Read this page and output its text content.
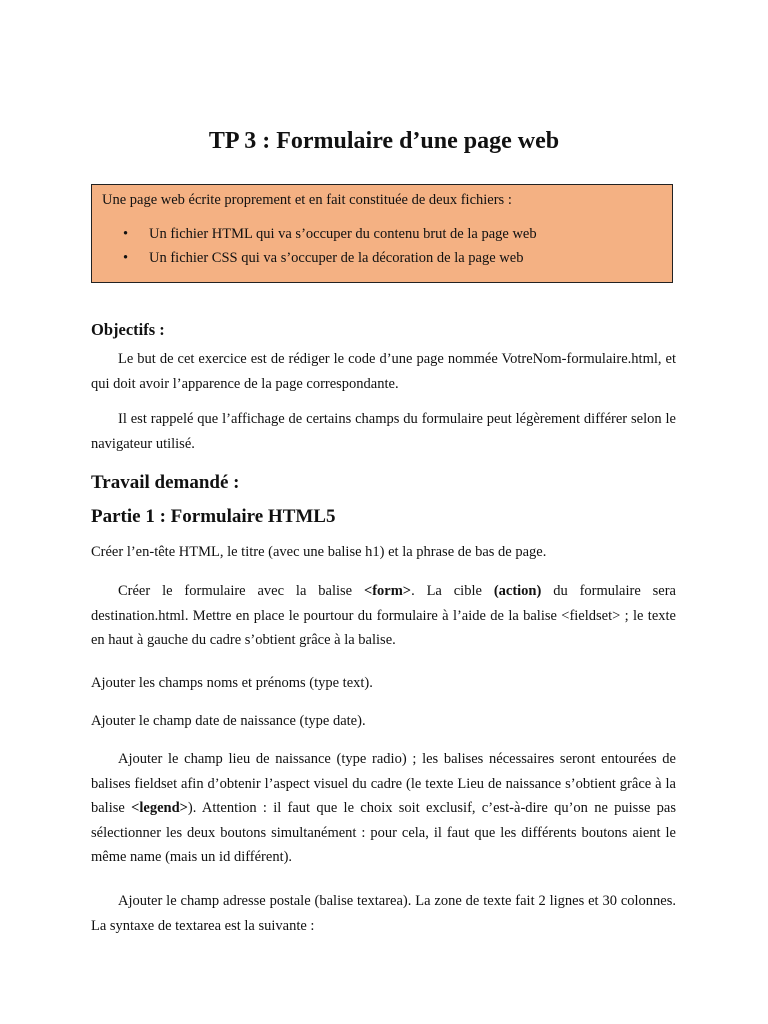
TP 3 : Formulaire d’une page web
Une page web écrite proprement et en fait constituée de deux fichiers :
• Un fichier HTML qui va s’occuper du contenu brut de la page web
• Un fichier CSS qui va s’occuper de la décoration de la page web
Objectifs :
Le but de cet exercice est de rédiger le code d’une page nommée VotreNom-formulaire.html, et qui doit avoir l’apparence de la page correspondante.
Il est rappelé que l’affichage de certains champs du formulaire peut légèrement différer selon le navigateur utilisé.
Travail demandé :
Partie 1 : Formulaire HTML5
Créer l’en-tête HTML, le titre (avec une balise h1) et la phrase de bas de page.
Créer le formulaire avec la balise <form>. La cible (action) du formulaire sera destination.html. Mettre en place le pourtour du formulaire à l’aide de la balise <fieldset> ; le texte en haut à gauche du cadre s’obtient grâce à la balise.
Ajouter les champs noms et prénoms (type text).
Ajouter le champ date de naissance (type date).
Ajouter le champ lieu de naissance (type radio) ; les balises nécessaires seront entourées de balises fieldset afin d’obtenir l’aspect visuel du cadre (le texte Lieu de naissance s’obtient grâce à la balise <legend>). Attention : il faut que le choix soit exclusif, c’est-à-dire qu’on ne puisse pas sélectionner les deux boutons simultanément : pour cela, il faut que les différents boutons aient le même name (mais un id différent).
Ajouter le champ adresse postale (balise textarea). La zone de texte fait 2 lignes et 30 colonnes. La syntaxe de textarea est la suivante :
